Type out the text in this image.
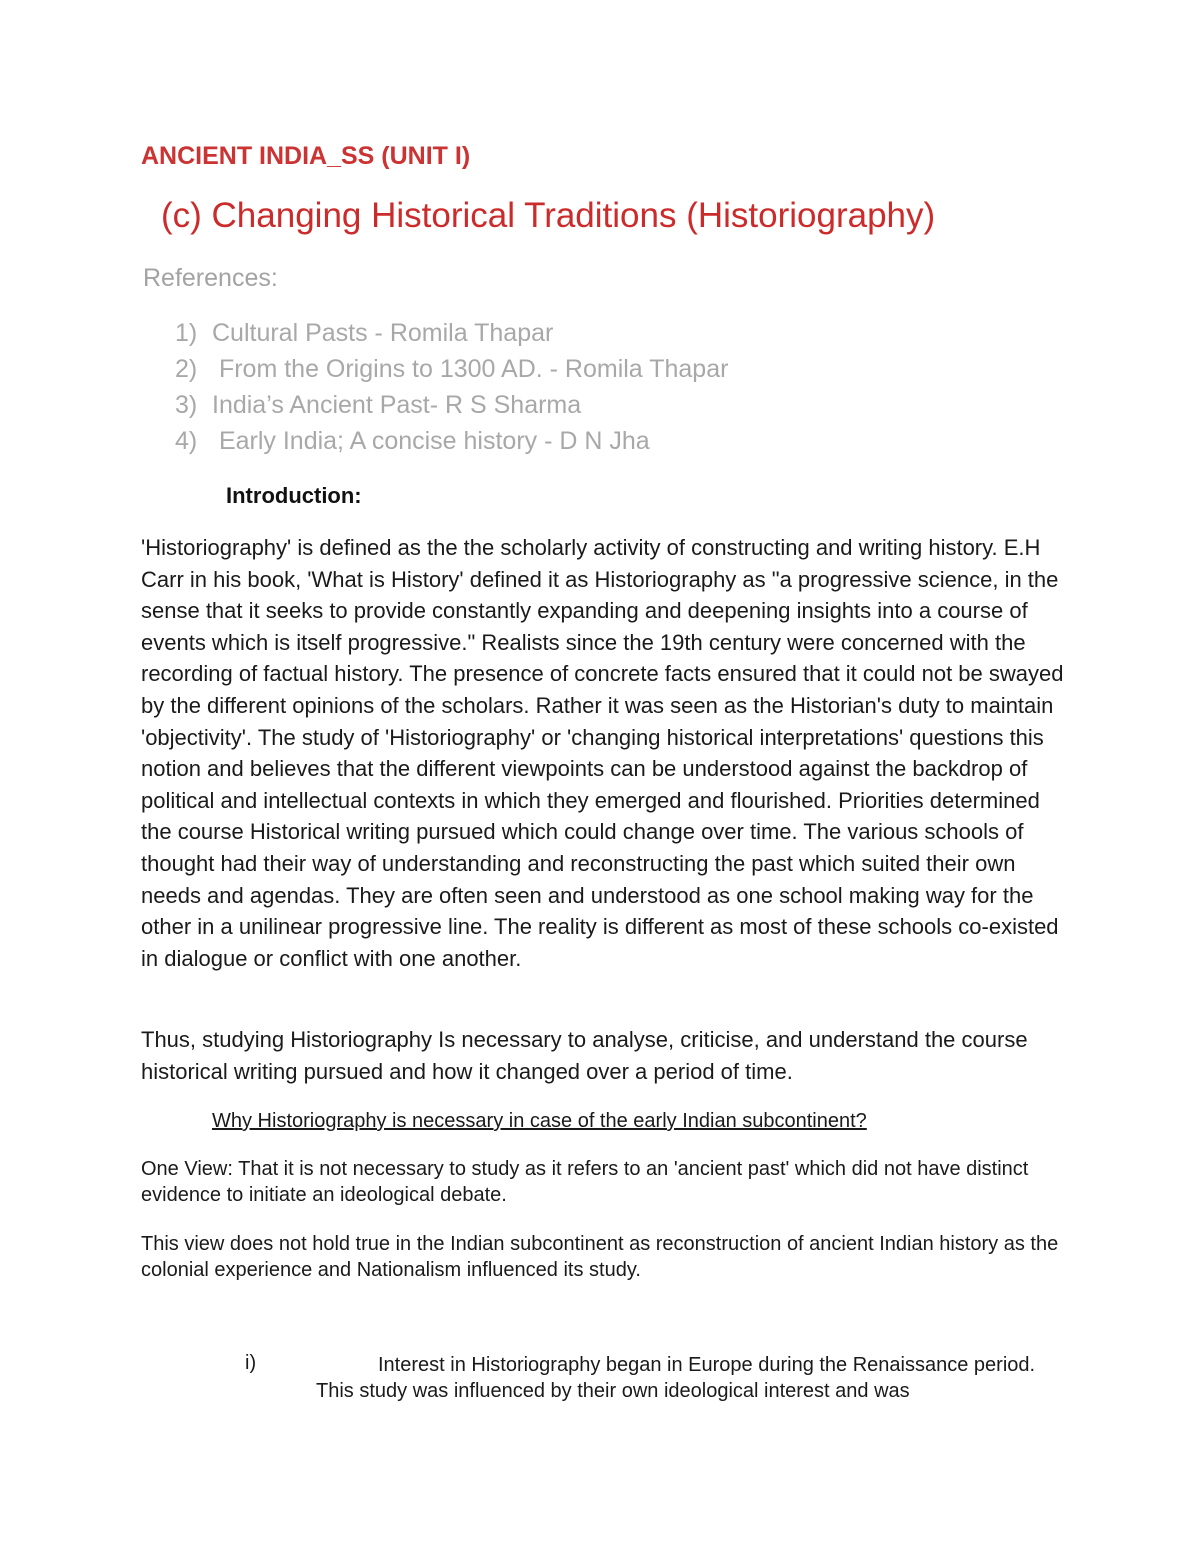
ANCIENT INDIA_SS (UNIT I)
(c) Changing Historical Traditions (Historiography)
References:
1) Cultural Pasts - Romila Thapar
2) From the Origins to 1300 AD. - Romila Thapar
3) India’s Ancient Past- R S Sharma
4) Early India; A concise history - D N Jha
Introduction:

'Historiography' is defined as the the scholarly activity of constructing and writing history. E.H Carr in his book, 'What is History' defined it as Historiography as "a progressive science, in the sense that it seeks to provide constantly expanding and deepening insights into a course of events which is itself progressive." Realists since the 19th century were concerned with the recording of factual history. The presence of concrete facts ensured that it could not be swayed by the different opinions of the scholars. Rather it was seen as the Historian's duty to maintain 'objectivity'. The study of 'Historiography' or 'changing historical interpretations' questions this notion and believes that the different viewpoints can be understood against the backdrop of political and intellectual contexts in which they emerged and flourished. Priorities determined the course Historical writing pursued which could change over time. The various schools of thought had their way of understanding and reconstructing the past which suited their own needs and agendas. They are often seen and understood as one school making way for the other in a unilinear progressive line. The reality is different as most of these schools co-existed in dialogue or conflict with one another.

Thus, studying Historiography Is necessary to analyse, criticise, and understand the course historical writing pursued and how it changed over a period of time.

Why Historiography is necessary in case of the early Indian subcontinent?

One View: That it is not necessary to study as it refers to an 'ancient past' which did not have distinct evidence to initiate an ideological debate.

This view does not hold true in the Indian subcontinent as reconstruction of ancient Indian history as the colonial experience and Nationalism influenced its study.

i)	Interest in Historiography began in Europe during the Renaissance period. This study was influenced by their own ideological interest and was
